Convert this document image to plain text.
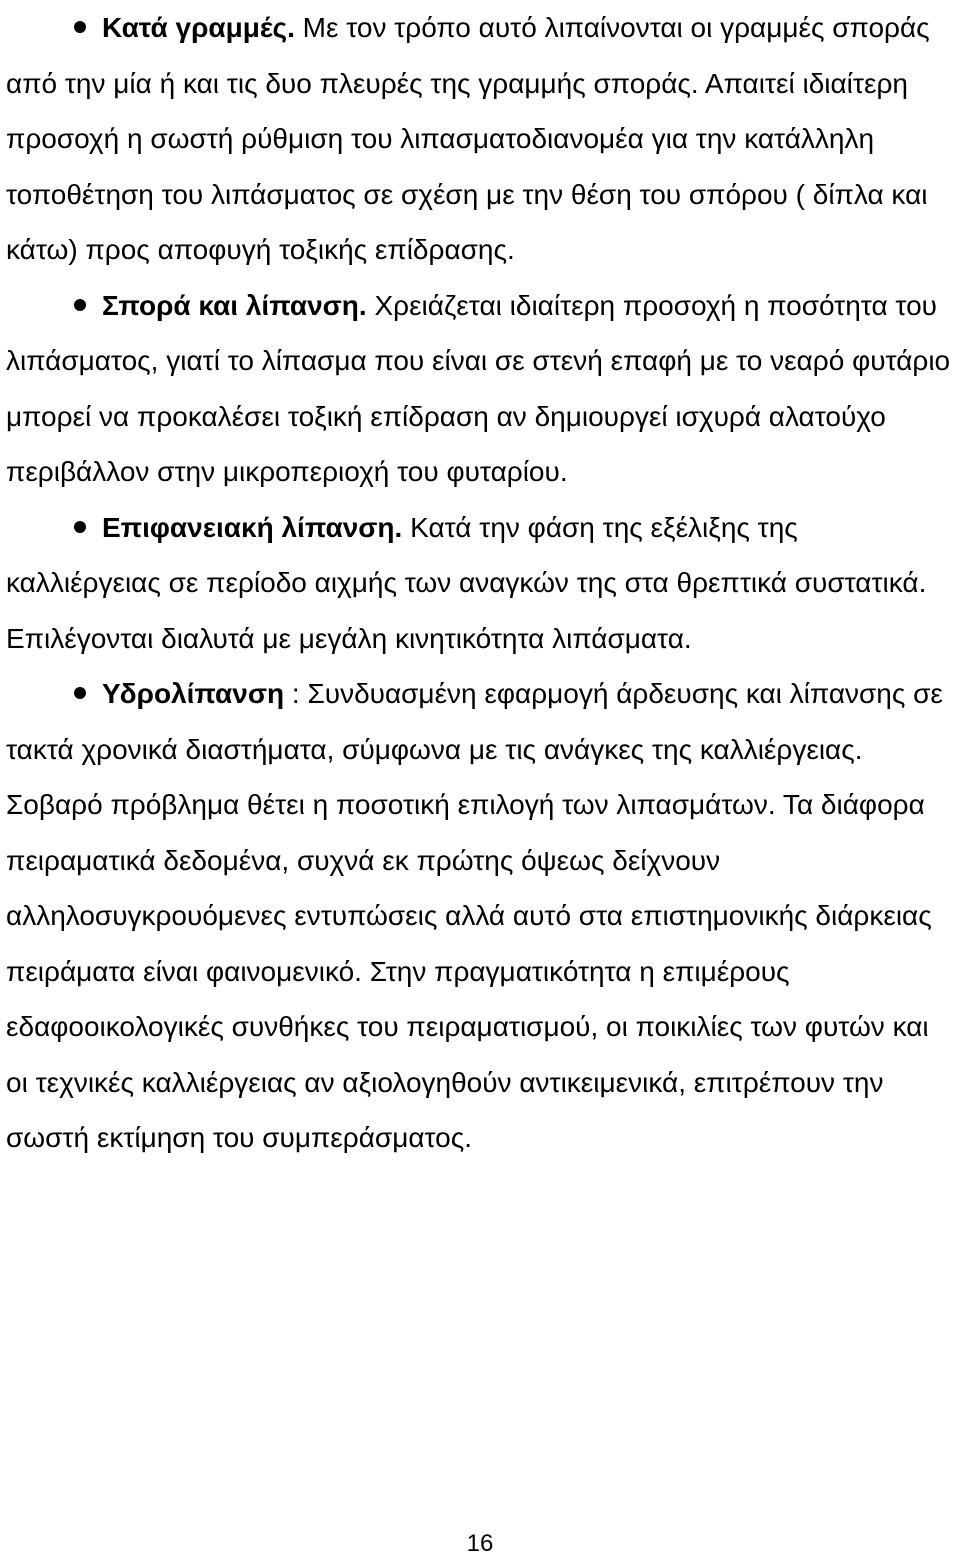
Κατά γραμμές. Με τον τρόπο αυτό λιπαίνονται οι γραμμές σποράς από την μία ή και τις δυο πλευρές της γραμμής σποράς. Απαιτεί ιδιαίτερη προσοχή η σωστή ρύθμιση του λιπασματοδιανομέα για την κατάλληλη τοποθέτηση του λιπάσματος σε σχέση με την θέση του σπόρου ( δίπλα και κάτω) προς αποφυγή τοξικής επίδρασης.

Σπορά και λίπανση. Χρειάζεται ιδιαίτερη προσοχή η ποσότητα του λιπάσματος, γιατί το λίπασμα που είναι σε στενή επαφή με το νεαρό φυτάριο μπορεί να προκαλέσει τοξική επίδραση αν δημιουργεί ισχυρά αλατούχο περιβάλλον στην μικροπεριοχή του φυταρίου.

Επιφανειακή λίπανση. Κατά την φάση της εξέλιξης της καλλιέργειας σε περίοδο αιχμής των αναγκών της στα θρεπτικά συστατικά. Επιλέγονται διαλυτά με μεγάλη κινητικότητα λιπάσματα.

Υδρολίπανση : Συνδυασμένη εφαρμογή άρδευσης και λίπανσης σε τακτά χρονικά διαστήματα, σύμφωνα με τις ανάγκες της καλλιέργειας. Σοβαρό πρόβλημα θέτει η ποσοτική επιλογή των λιπασμάτων. Τα διάφορα πειραματικά δεδομένα, συχνά εκ πρώτης όψεως δείχνουν αλληλοσυγκρουόμενες εντυπώσεις αλλά αυτό στα επιστημονικής διάρκειας πειράματα είναι φαινομενικό. Στην πραγματικότητα η επιμέρους εδαφοοικολογικές συνθήκες του πειραματισμού, οι ποικιλίες των φυτών και οι τεχνικές καλλιέργειας αν αξιολογηθούν αντικειμενικά, επιτρέπουν την σωστή εκτίμηση του συμπεράσματος.

16
